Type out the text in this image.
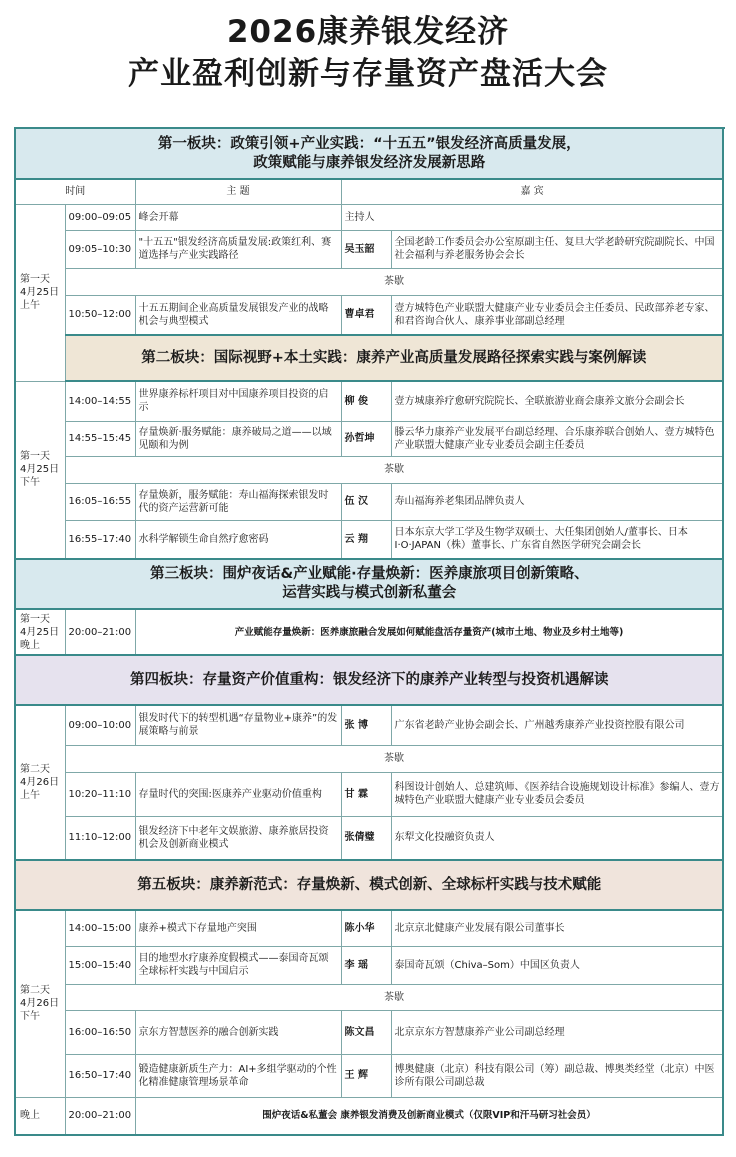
2026康养银发经济
产业盈利创新与存量资产盘活大会
第一板块：政策引领+产业实践：“十五五”银发经济高质量发展，
政策赋能与康养银发经济发展新思路				

时间		主 题	嘉 宾	
第一天
4月25日
上午	09:00–09:05	峰会开幕	主持人	
	09:05–10:30	"十五五"银发经济高质量发展:政策红利、赛道选择与产业实践路径	吴玉韶	全国老龄工作委员会办公室原副主任、复旦大学老龄研究院副院长、中国社会福利与养老服务协会会长
	茶歇			
	10:50–12:00	十五五期间企业高质量发展银发产业的战略机会与典型模式	曹卓君	壹方城特色产业联盟大健康产业专业委员会主任委员、民政部养老专家、和君咨询合伙人、康养事业部副总经理

	第二板块：国际视野+本土实践：康养产业高质量发展路径探索实践与案例解读			

第一天
4月25日
下午	14:00–14:55	世界康养标杆项目对中国康养项目投资的启示	柳 俊	壹方城康养疗愈研究院院长、全联旅游业商会康养文旅分会副会长
	14:55–15:45	存量焕新·服务赋能：康养破局之道——以域见颐和为例	孙哲坤	滕云华力康养产业发展平台副总经理、合乐康养联合创始人、壹方城特色产业联盟大健康产业专业委员会副主任委员
	茶歇			
	16:05–16:55	存量焕新，服务赋能：寿山福海探索银发时代的资产运营新可能	伍 汉	寿山福海养老集团品牌负责人
	16:55–17:40	水科学解锁生命自然疗愈密码	云 翔	日本东京大学工学及生物学双硕士、大任集团创始人/董事长、日本I·O·JAPAN（株）董事长、广东省自然医学研究会副会长

第三板块：围炉夜话&产业赋能·存量焕新：医养康旅项目创新策略、
运营实践与模式创新私董会				

第一天
4月25日
晚上	20:00–21:00	产业赋能存量焕新：医养康旅融合发展如何赋能盘活存量资产(城市土地、物业及乡村土地等)		

第四板块：存量资产价值重构：银发经济下的康养产业转型与投资机遇解读				

第二天
4月26日
上午	09:00–10:00	银发时代下的转型机遇“存量物业+康养”的发展策略与前景	张 博	广东省老龄产业协会副会长、广州越秀康养产业投资控股有限公司
	茶歇			
	10:20–11:10	存量时代的突围:医康养产业驱动价值重构	甘 霖	科图设计创始人、总建筑师、《医养结合设施规划设计标准》参编人、壹方城特色产业联盟大健康产业专业委员会委员
	11:10–12:00	银发经济下中老年文娱旅游、康养旅居投资机会及创新商业模式	张倩璧	东犁文化投融资负责人

第五板块：康养新范式：存量焕新、模式创新、全球标杆实践与技术赋能				

第二天
4月26日
下午	14:00–15:00	康养+模式下存量地产突围	陈小华	北京京北健康产业发展有限公司董事长
	15:00–15:40	目的地型水疗康养度假模式——泰国奇瓦颂全球标杆实践与中国启示	李 瑶	泰国奇瓦颂（Chiva–Som）中国区负责人
	茶歇			
	16:00–16:50	京东方智慧医养的融合创新实践	陈文昌	北京京东方智慧康养产业公司副总经理
	16:50–17:40	锻造健康新质生产力：AI+多组学驱动的个性化精准健康管理场景革命	王 辉	博奥健康（北京）科技有限公司（筹）副总裁、博奥类经堂（北京）中医诊所有限公司副总裁
晚上	20:00–21:00	围炉夜话&私董会 康养银发消费及创新商业模式（仅限VIP和汗马研习社会员）		
